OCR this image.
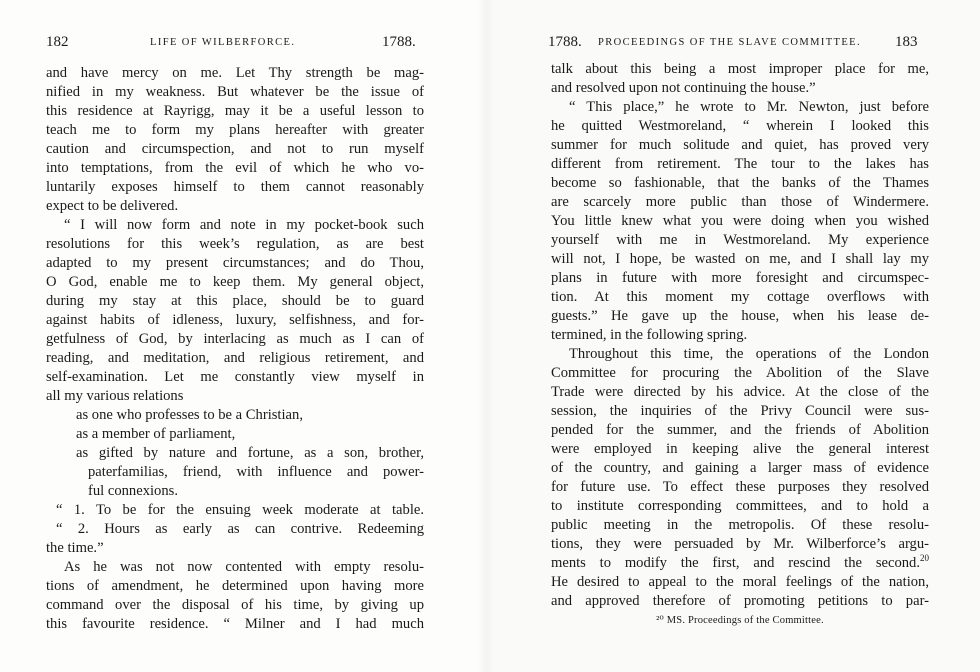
182	LIFE OF WILBERFORCE.	1788.	1788. PROCEEDINGS OF THE SLAVE COMMITTEE. 183
and have mercy on me. Let Thy strength be mag-
nified in my weakness. But whatever be the issue of
this residence at Rayrigg, may it be a useful lesson to
teach me to form my plans hereafter with greater
caution and circumspection, and not to run myself
into temptations, from the evil of which he who vo-
luntarily exposes himself to them cannot reasonably
expect to be delivered.
“ I will now form and note in my pocket-book such
resolutions for this week’s regulation, as are best
adapted to my present circumstances; and do Thou,
O God, enable me to keep them. My general object,
during my stay at this place, should be to guard
against habits of idleness, luxury, selfishness, and for-
getfulness of God, by interlacing as much as I can of
reading, and meditation, and religious retirement, and
self-examination. Let me constantly view myself in
all my various relations
as one who professes to be a Christian,
as a member of parliament,
as gifted by nature and fortune, as a son, brother,
paterfamilias, friend, with influence and power-
ful connexions.
“ 1. To be for the ensuing week moderate at table.
“ 2. Hours as early as can contrive. Redeeming
the time.”
As he was not now contented with empty resolu-
tions of amendment, he determined upon having more
command over the disposal of his time, by giving up
this favourite residence. “ Milner and I had much
talk about this being a most improper place for me,
and resolved upon not continuing the house.”
“ This place,” he wrote to Mr. Newton, just before
he quitted Westmoreland, “ wherein I looked this
summer for much solitude and quiet, has proved very
different from retirement. The tour to the lakes has
become so fashionable, that the banks of the Thames
are scarcely more public than those of Windermere.
You little knew what you were doing when you wished
yourself with me in Westmoreland. My experience
will not, I hope, be wasted on me, and I shall lay my
plans in future with more foresight and circumspec-
tion. At this moment my cottage overflows with
guests.” He gave up the house, when his lease de-
termined, in the following spring.
Throughout this time, the operations of the London
Committee for procuring the Abolition of the Slave
Trade were directed by his advice. At the close of the
session, the inquiries of the Privy Council were sus-
pended for the summer, and the friends of Abolition
were employed in keeping alive the general interest
of the country, and gaining a larger mass of evidence
for future use. To effect these purposes they resolved
to institute corresponding committees, and to hold a
public meeting in the metropolis. Of these resolu-
tions, they were persuaded by Mr. Wilberforce’s argu-
ments to modify the first, and rescind the second.$^{20}$
He desired to appeal to the moral feelings of the nation,
and approved therefore of promoting petitions to par-
²⁰ MS. Proceedings of the Committee.
